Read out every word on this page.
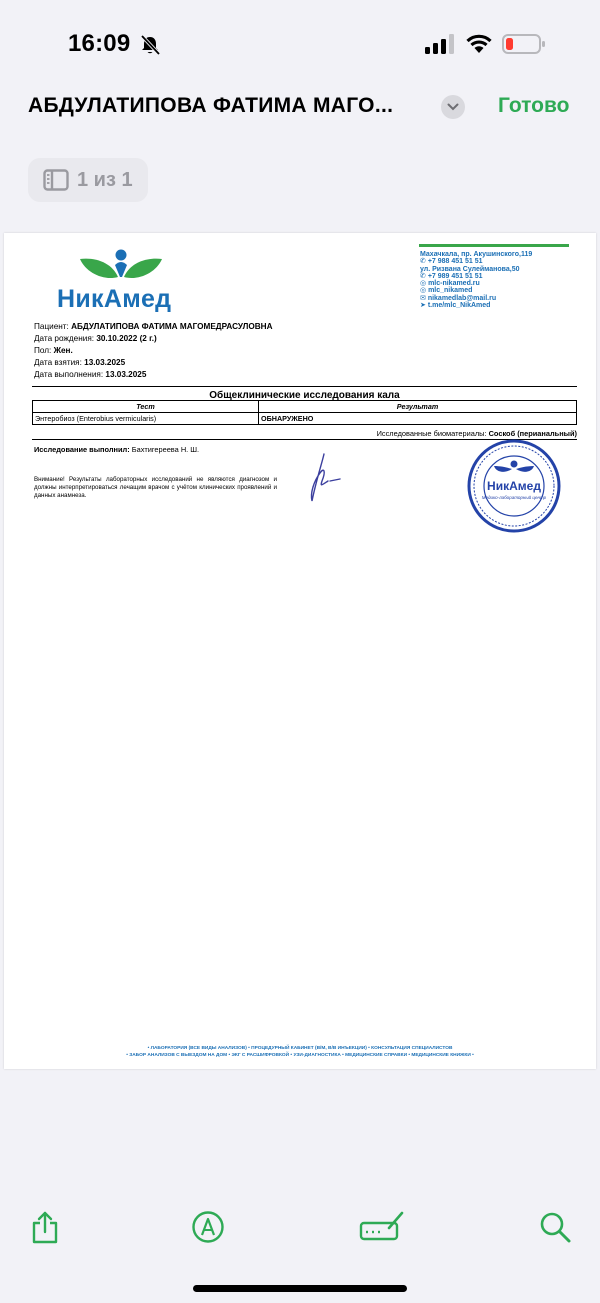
16:09
АБДУЛАТИПОВА ФАТИМА МАГО...	Готово
1 из 1
НикАмед
Махачкала, пр. Акушинского,119
✆ +7 988 451 51 51
ул. Ризвана Сулейманова,50
✆ +7 989 451 51 51
◎ mlc-nikamed.ru
◎ mlc_nikamed
✉ nikamedlab@mail.ru
➤ t.me/mlc_NikAmed
Пациент: АБДУЛАТИПОВА ФАТИМА МАГОМЕДРАСУЛОВНА
Дата рождения: 30.10.2022 (2 г.)
Пол: Жен.
Дата взятия: 13.03.2025
Дата выполнения: 13.03.2025
Общеклинические исследования кала
Тест	Результат
Энтеробиоз (Enterobius vermicularis)	ОБНАРУЖЕНО
Исследованные биоматериалы: Соскоб (перианальный)
Исследование выполнил: Бахтигереева Н. Ш.
Внимание! Результаты лабораторных исследований не являются диагнозом и должны интерпретироваться лечащим врачом с учётом клинических проявлений и данных анамнеза.
НикАмед
Медико-лабораторный центр
• ЛАБОРАТОРИЯ (ВСЕ ВИДЫ АНАЛИЗОВ) • ПРОЦЕДУРНЫЙ КАБИНЕТ (В/М, В/В ИНЪЕКЦИИ) • КОНСУЛЬТАЦИЯ СПЕЦИАЛИСТОВ
• ЗАБОР АНАЛИЗОВ С ВЫЕЗДОМ НА ДОМ • ЭКГ С РАСШИФРОВКОЙ • УЗИ-ДИАГНОСТИКА • МЕДИЦИНСКИЕ СПРАВКИ • МЕДИЦИНСКИЕ КНИЖКИ •
